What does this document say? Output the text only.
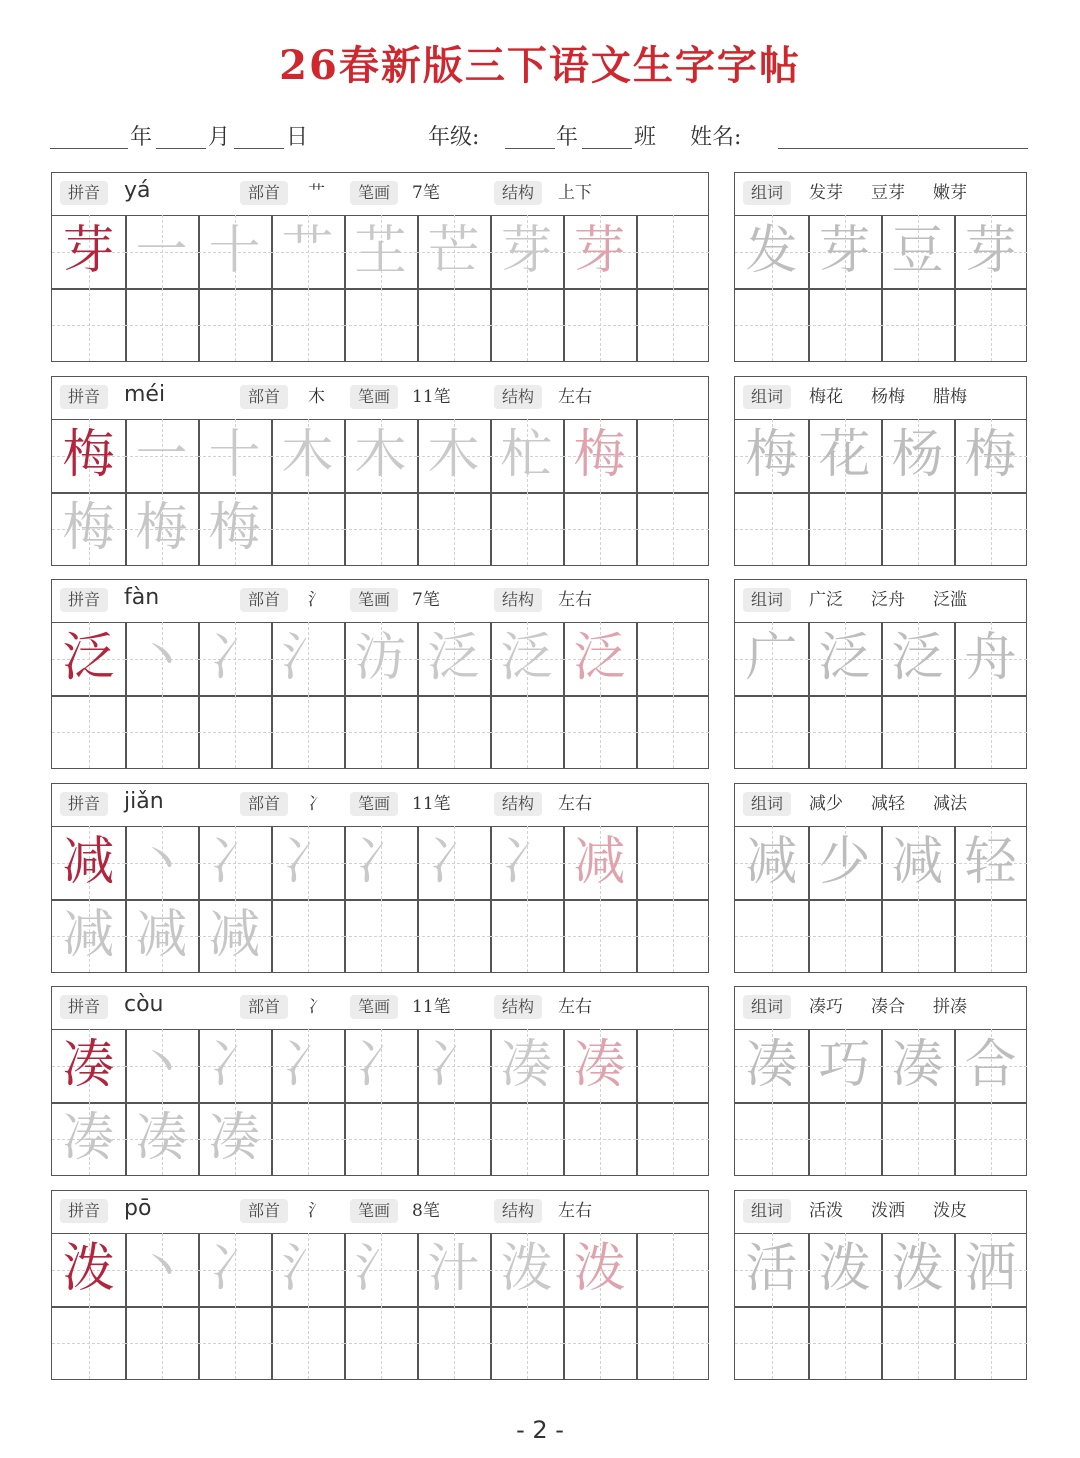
26春新版三下语文生字字帖
年	月	日	年级:	年	班 姓名:
拼音	yá	部首	艹	笔画	7笔	结构	上下
芽 一 十 艹 芏 芒 芽 芽
组词	发芽 豆芽 嫩芽
发 芽 豆 芽
拼音	méi	部首	木	笔画	11笔	结构	左右
梅 一 十 木 木 木 杧 梅
梅 梅 梅
组词	梅花 杨梅 腊梅
梅 花 杨 梅
拼音	fàn	部首	氵	笔画	7笔	结构	左右
泛 丶 冫 氵 汸 泛 泛 泛
组词	广泛 泛舟 泛滥
广 泛 泛 舟
拼音	jiǎn	部首	冫	笔画	11笔	结构	左右
减 丶 冫 冫 冫 冫 冫 减
减 减 减
组词	减少 减轻 减法
减 少 减 轻
拼音	còu	部首	冫	笔画	11笔	结构	左右
凑 丶 冫 冫 冫 冫 凑 凑
凑 凑 凑
组词	凑巧 凑合 拼凑
凑 巧 凑 合
拼音	pō	部首	氵	笔画	8笔	结构	左右
泼 丶 冫 氵 氵 汁 泼 泼
组词	活泼 泼洒 泼皮
活 泼 泼 洒
- 2 -
